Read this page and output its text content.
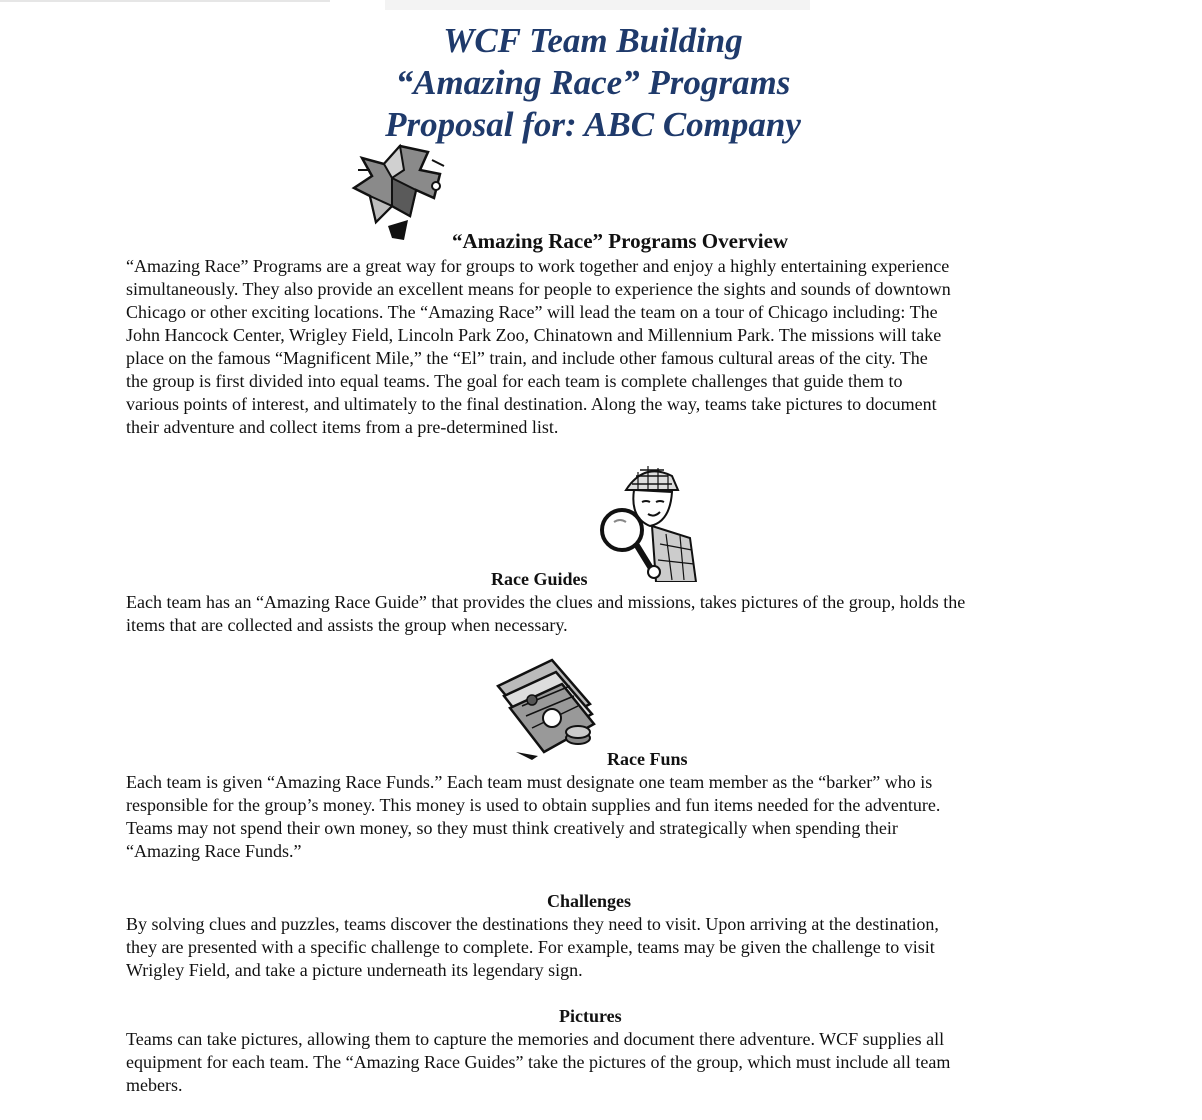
WCF Team Building
“Amazing Race” Programs
Proposal for: ABC Company
“Amazing Race” Programs Overview
“Amazing Race” Programs are a great way for groups to work together and enjoy a highly entertaining experience
simultaneously. They also provide an excellent means for people to experience the sights and sounds of downtown
Chicago or other exciting locations. The “Amazing Race” will lead the team on a tour of Chicago including: The
John Hancock Center, Wrigley Field, Lincoln Park Zoo, Chinatown and Millennium Park. The missions will take
place on the famous “Magnificent Mile,” the “El” train, and include other famous cultural areas of the city. The
the group is first divided into equal teams. The goal for each team is complete challenges that guide them to
various points of interest, and ultimately to the final destination. Along the way, teams take pictures to document
their adventure and collect items from a pre-determined list.
Race Guides
Each team has an “Amazing Race Guide” that provides the clues and missions, takes pictures of the group, holds the
items that are collected and assists the group when necessary.
Race Funs
Each team is given “Amazing Race Funds.” Each team must designate one team member as the “barker” who is
responsible for the group’s money. This money is used to obtain supplies and fun items needed for the adventure.
Teams may not spend their own money, so they must think creatively and strategically when spending their
“Amazing Race Funds.”
Challenges
By solving clues and puzzles, teams discover the destinations they need to visit. Upon arriving at the destination,
they are presented with a specific challenge to complete. For example, teams may be given the challenge to visit
Wrigley Field, and take a picture underneath its legendary sign.
Pictures
Teams can take pictures, allowing them to capture the memories and document there adventure. WCF supplies all
equipment for each team. The “Amazing Race Guides” take the pictures of the group, which must include all team
mebers.
